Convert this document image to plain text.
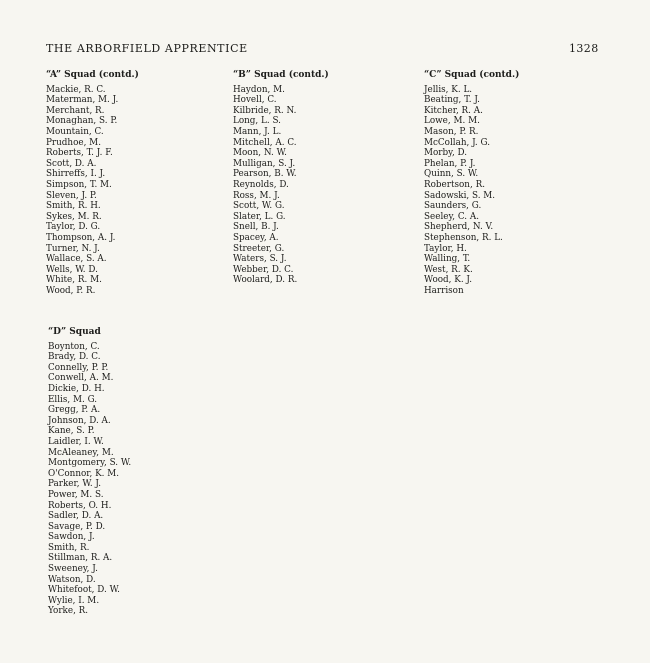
THE ARBORFIELD APPRENTICE	1328
“A” Squad (contd.)
Mackie, R. C.
Materman, M. J.
Merchant, R.
Monaghan, S. P.
Mountain, C.
Prudhoe, M.
Roberts, T. J. F.
Scott, D. A.
Shirreffs, I. J.
Simpson, T. M.
Sleven, J. P.
Smith, R. H.
Sykes, M. R.
Taylor, D. G.
Thompson, A. J.
Turner, N. J.
Wallace, S. A.
Wells, W. D.
White, R. M.
Wood, P. R.
“B” Squad (contd.)
Haydon, M.
Hovell, C.
Kilbride, R. N.
Long, L. S.
Mann, J. L.
Mitchell, A. C.
Moon, N. W.
Mulligan, S. J.
Pearson, B. W.
Reynolds, D.
Ross, M. J.
Scott, W. G.
Slater, L. G.
Snell, B. J.
Spacey, A.
Streeter, G.
Waters, S. J.
Webber, D. C.
Woolard, D. R.
“C” Squad (contd.)
Jellis, K. L.
Beating, T. J.
Kitcher, R. A.
Lowe, M. M.
Mason, P. R.
McCollah, J. G.
Morby, D.
Phelan, P. J.
Quinn, S. W.
Robertson, R.
Sadowski, S. M.
Saunders, G.
Seeley, C. A.
Shepherd, N. V.
Stephenson, R. L.
Taylor, H.
Walling, T.
West, R. K.
Wood, K. J.
Harrison
“D” Squad
Boynton, C.
Brady, D. C.
Connelly, P. P.
Conwell, A. M.
Dickie, D. H.
Ellis, M. G.
Gregg, P. A.
Johnson, D. A.
Kane, S. P.
Laidler, I. W.
McAleaney, M.
Montgomery, S. W.
O'Connor, K. M.
Parker, W. J.
Power, M. S.
Roberts, O. H.
Sadler, D. A.
Savage, P. D.
Sawdon, J.
Smith, R.
Stillman, R. A.
Sweeney, J.
Watson, D.
Whitefoot, D. W.
Wylie, I. M.
Yorke, R.
